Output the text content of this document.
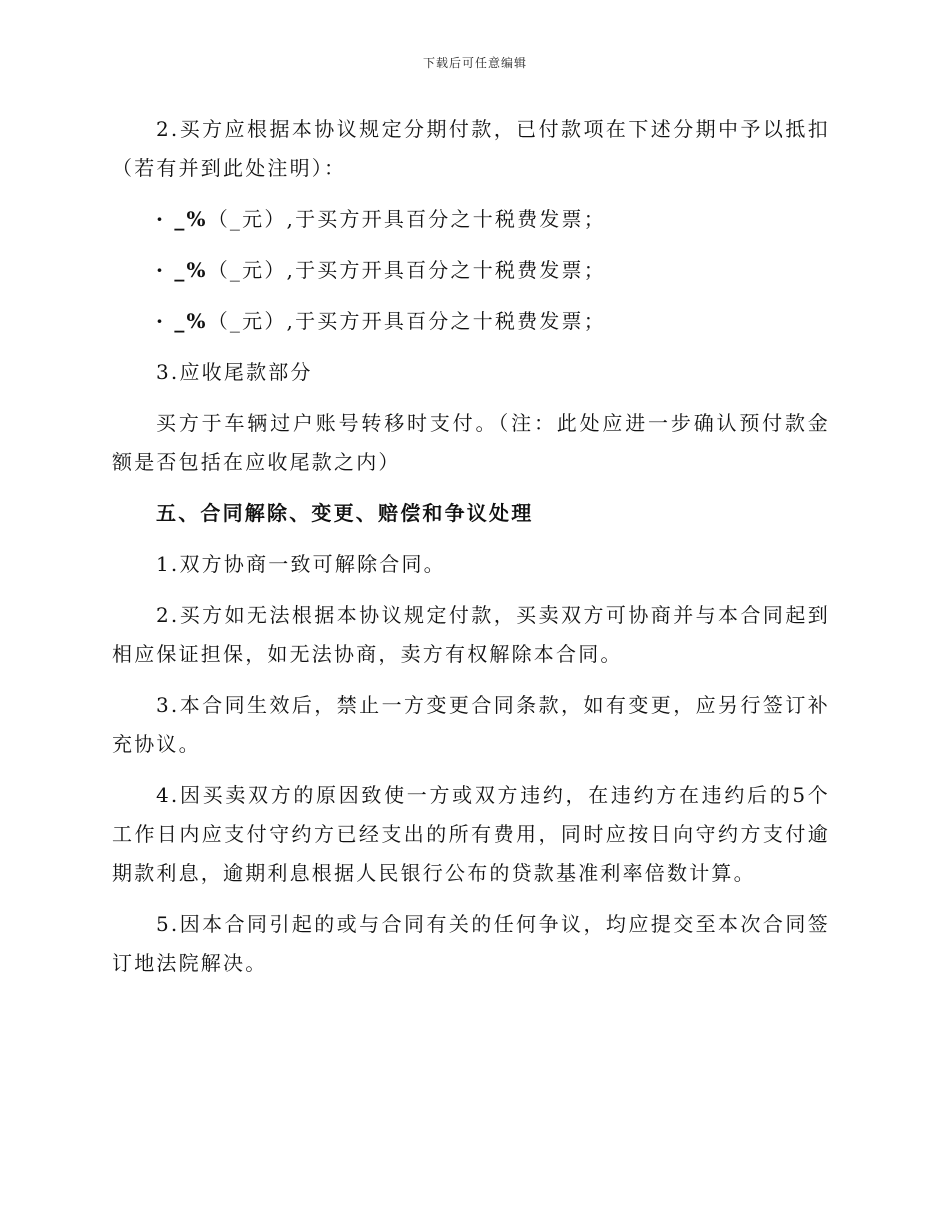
下载后可任意编辑

2.买方应根据本协议规定分期付款，已付款项在下述分期中予以抵扣（若有并到此处注明）：

· _%（_元）,于买方开具百分之十税费发票；

· _%（_元）,于买方开具百分之十税费发票；

· _%（_元）,于买方开具百分之十税费发票；

3.应收尾款部分

买方于车辆过户账号转移时支付。（注：此处应进一步确认预付款金额是否包括在应收尾款之内）

五、合同解除、变更、赔偿和争议处理

1.双方协商一致可解除合同。

2.买方如无法根据本协议规定付款，买卖双方可协商并与本合同起到相应保证担保，如无法协商，卖方有权解除本合同。

3.本合同生效后，禁止一方变更合同条款，如有变更，应另行签订补充协议。

4.因买卖双方的原因致使一方或双方违约，在违约方在违约后的5个工作日内应支付守约方已经支出的所有费用，同时应按日向守约方支付逾期款利息，逾期利息根据人民银行公布的贷款基准利率倍数计算。

5.因本合同引起的或与合同有关的任何争议，均应提交至本次合同签订地法院解决。
